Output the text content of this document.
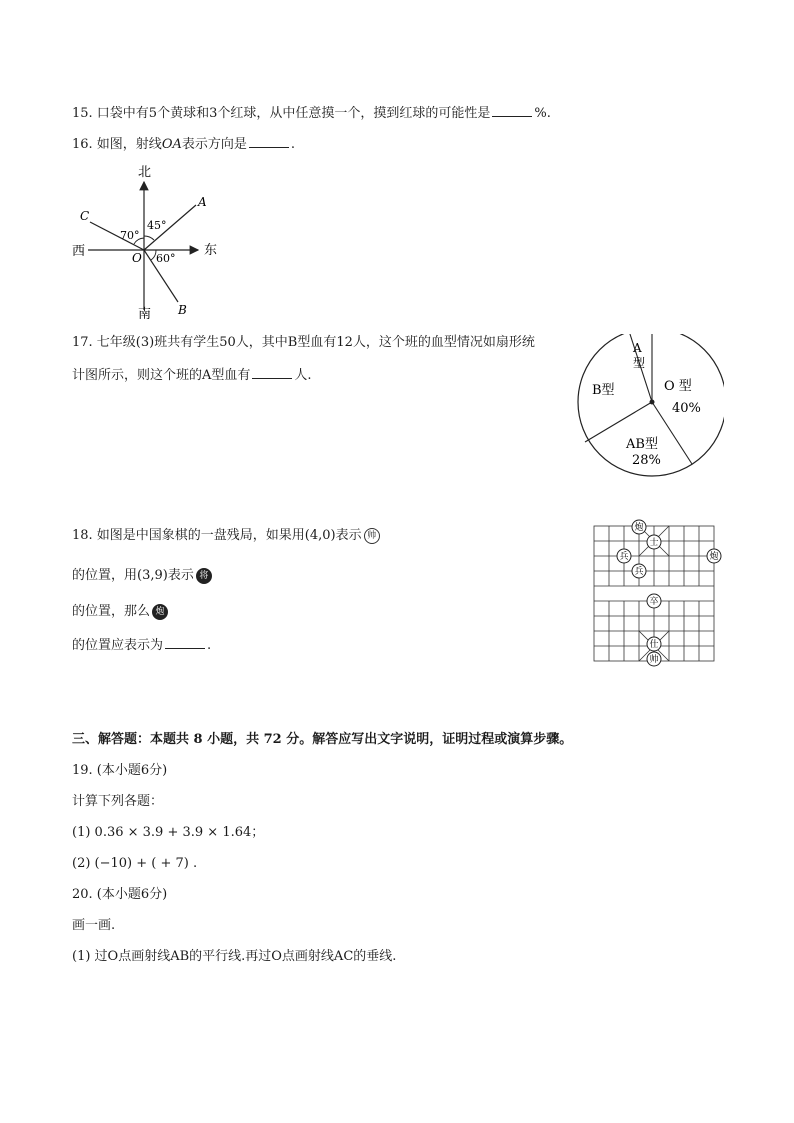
15. 口袋中有5个黄球和3个红球，从中任意摸一个，摸到红球的可能性是	%.
16. 如图，射线OA表示方向是	.
北
南
西	东
O
A
B
C
45°
70°
60°
17. 七年级(3)班共有学生50人，其中B型血有12人，这个班的血型情况如扇形统
计图所示，则这个班的A型血有	人.
A
型
B型	O 型
40%
AB型
28%
18. 如图是中国象棋的一盘残局，如果用(4,0)表示 帅
的位置，用(3,9)表示 将
的位置，那么 炮
的位置应表示为	.
炮
士
兵
兵
炮
卒
仕
帅
三、解答题：本题共 8 小题，共 72 分。解答应写出文字说明，证明过程或演算步骤。
19. (本小题6分)
计算下列各题：
(1) 0.36 × 3.9 + 3.9 × 1.64；
(2) (−10) + ( + 7) .
20. (本小题6分)
画一画.
(1) 过O点画射线AB的平行线.再过O点画射线AC的垂线.
